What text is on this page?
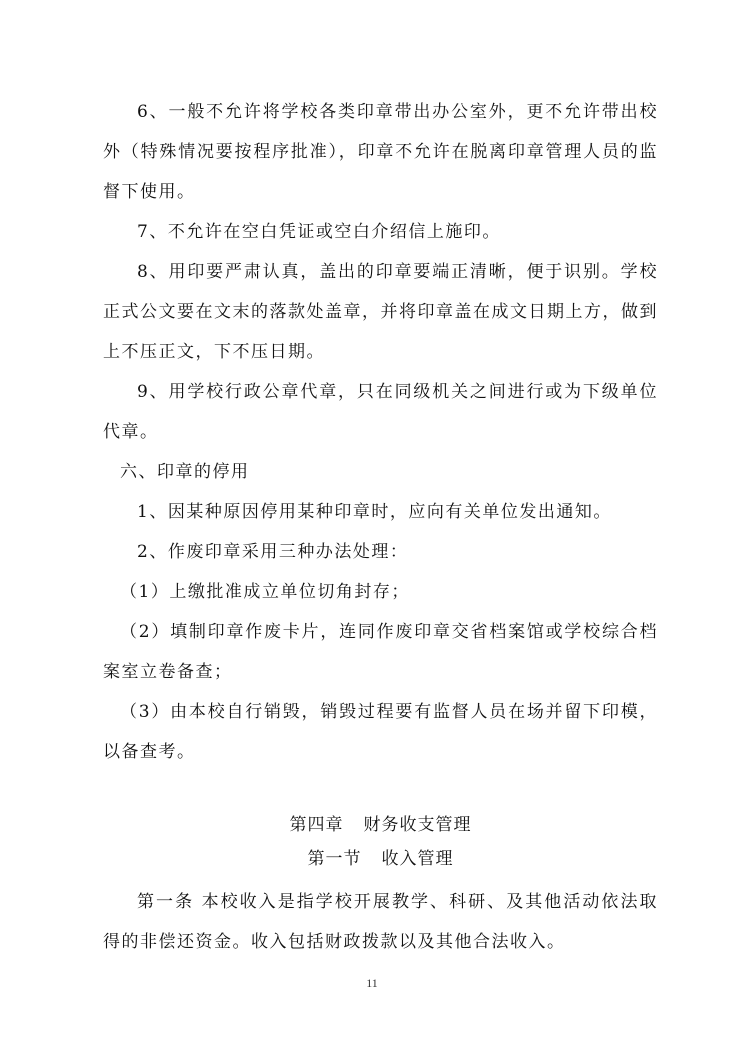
6、一般不允许将学校各类印章带出办公室外，更不允许带出校外（特殊情况要按程序批准），印章不允许在脱离印章管理人员的监督下使用。

7、不允许在空白凭证或空白介绍信上施印。

8、用印要严肃认真，盖出的印章要端正清晰，便于识别。学校正式公文要在文末的落款处盖章，并将印章盖在成文日期上方，做到上不压正文，下不压日期。

9、用学校行政公章代章，只在同级机关之间进行或为下级单位代章。

六、印章的停用

1、因某种原因停用某种印章时，应向有关单位发出通知。

2、作废印章采用三种办法处理：

（1）上缴批准成立单位切角封存；

（2）填制印章作废卡片，连同作废印章交省档案馆或学校综合档案室立卷备查；

（3）由本校自行销毁，销毁过程要有监督人员在场并留下印模，以备查考。

第四章 财务收支管理

第一节 收入管理

第一条 本校收入是指学校开展教学、科研、及其他活动依法取得的非偿还资金。收入包括财政拨款以及其他合法收入。

11
